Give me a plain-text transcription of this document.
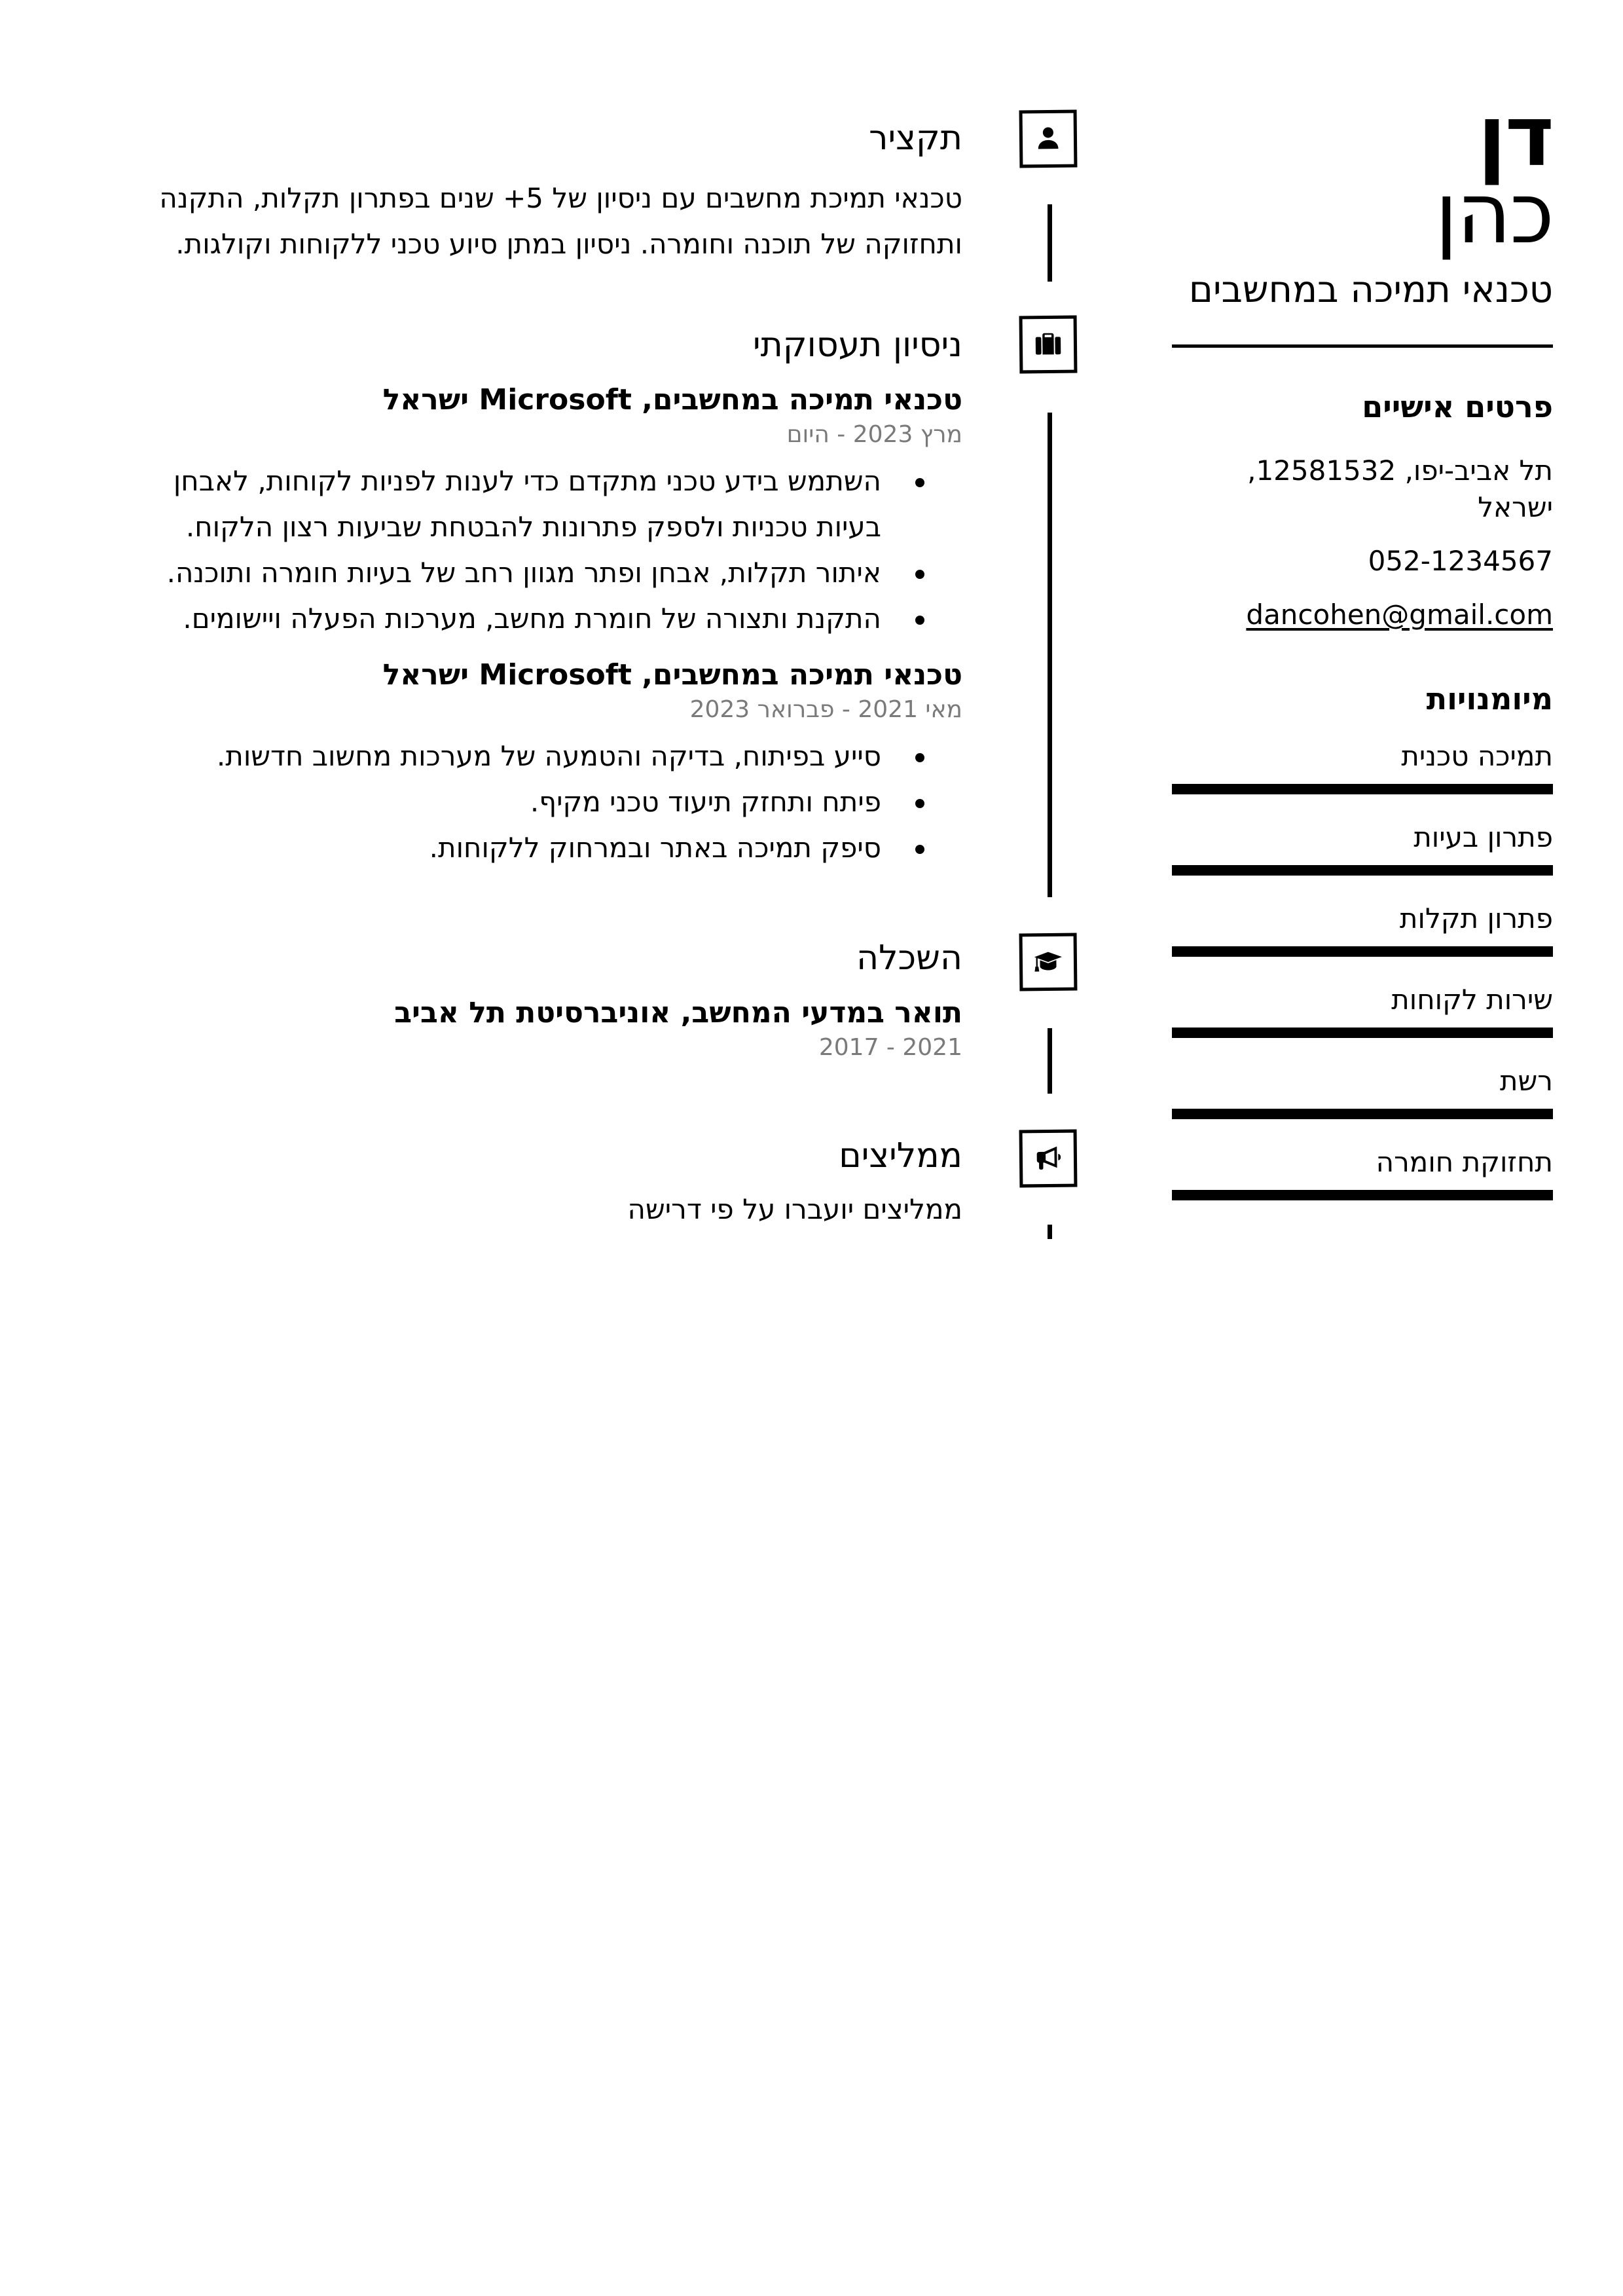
דן
כהן
טכנאי תמיכה במחשבים
פרטים אישיים
תל אביב-יפו, 12581532, ישראל
052-1234567
dancohen@gmail.com
מיומנויות
תמיכה טכנית
פתרון בעיות
פתרון תקלות
שירות לקוחות
רשת
תחזוקת חומרה
תקציר
טכנאי תמיכת מחשבים עם ניסיון של 5+ שנים בפתרון תקלות, התקנה ותחזוקה של תוכנה וחומרה. ניסיון במתן סיוע טכני ללקוחות וקולגות.
ניסיון תעסוקתי
טכנאי תמיכה במחשבים, Microsoft ישראל
מרץ 2023 - היום
השתמש בידע טכני מתקדם כדי לענות לפניות לקוחות, לאבחן בעיות טכניות ולספק פתרונות להבטחת שביעות רצון הלקוח.
איתור תקלות, אבחן ופתר מגוון רחב של בעיות חומרה ותוכנה.
התקנת ותצורה של חומרת מחשב, מערכות הפעלה ויישומים.
טכנאי תמיכה במחשבים, Microsoft ישראל
מאי 2021 - פברואר 2023
סייע בפיתוח, בדיקה והטמעה של מערכות מחשוב חדשות.
פיתח ותחזק תיעוד טכני מקיף.
סיפק תמיכה באתר ובמרחוק ללקוחות.
השכלה
תואר במדעי המחשב, אוניברסיטת תל אביב
2017 - 2021
ממליצים
ממליצים יועברו על פי דרישה
